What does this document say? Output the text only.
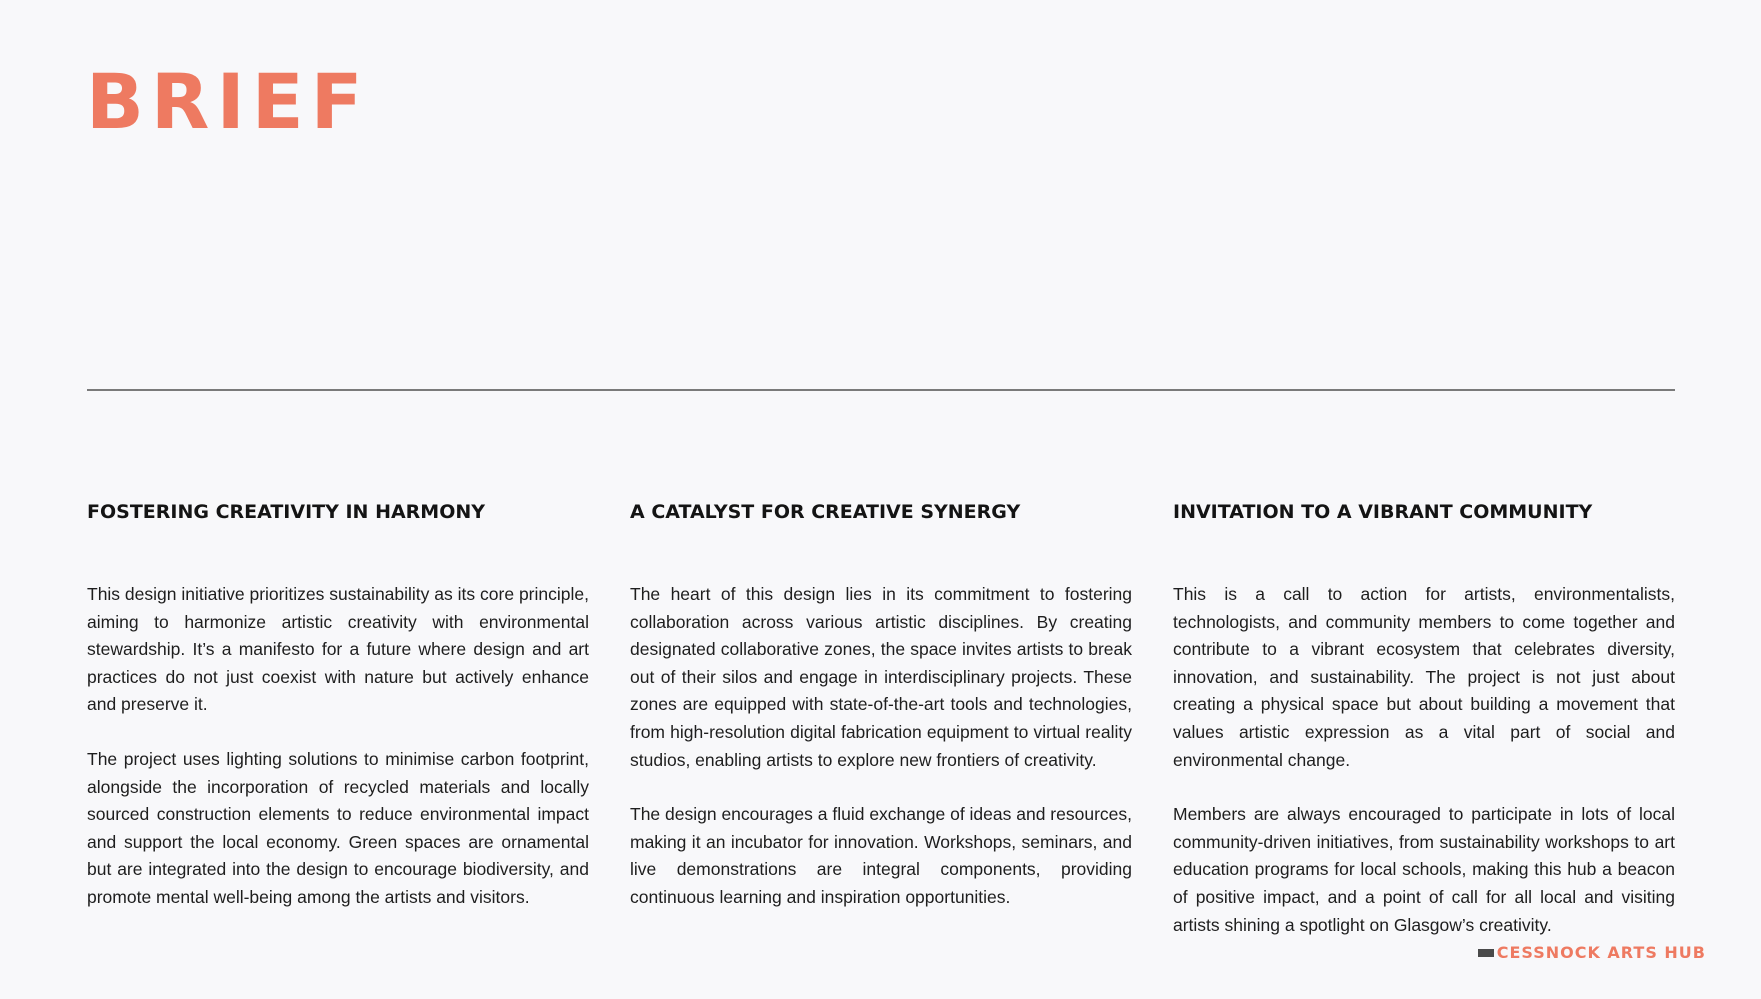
BRIEF
FOSTERING CREATIVITY IN HARMONY

This design initiative prioritizes sustainability as its core principle, aiming to harmonize artistic creativity with environmental stewardship. It’s a manifesto for a future where design and art practices do not just coexist with nature but actively enhance and preserve it.

The project uses lighting solutions to minimise carbon footprint, alongside the incorporation of recycled materials and locally sourced construction elements to reduce environmental impact and support the local economy. Green spaces are ornamental but are integrated into the design to encourage biodiversity, and promote mental well-being among the artists and visitors.

A CATALYST FOR CREATIVE SYNERGY

The heart of this design lies in its commitment to fostering collaboration across various artistic disciplines. By creating designated collaborative zones, the space invites artists to break out of their silos and engage in interdisciplinary projects. These zones are equipped with state-of-the-art tools and technologies, from high-resolution digital fabrication equipment to virtual reality studios, enabling artists to explore new frontiers of creativity.

The design encourages a fluid exchange of ideas and resources, making it an incubator for innovation. Workshops, seminars, and live demonstrations are integral components, providing continuous learning and inspiration opportunities.

INVITATION TO A VIBRANT COMMUNITY

This is a call to action for artists, environmentalists, technologists, and community members to come together and contribute to a vibrant ecosystem that celebrates diversity, innovation, and sustainability. The project is not just about creating a physical space but about building a movement that values artistic expression as a vital part of social and environmental change.

Members are always encouraged to participate in lots of local community-driven initiatives, from sustainability workshops to art education programs for local schools, making this hub a beacon of positive impact, and a point of call for all local and visiting artists shining a spotlight on Glasgow’s creativity.

CESSNOCK ARTS HUB
